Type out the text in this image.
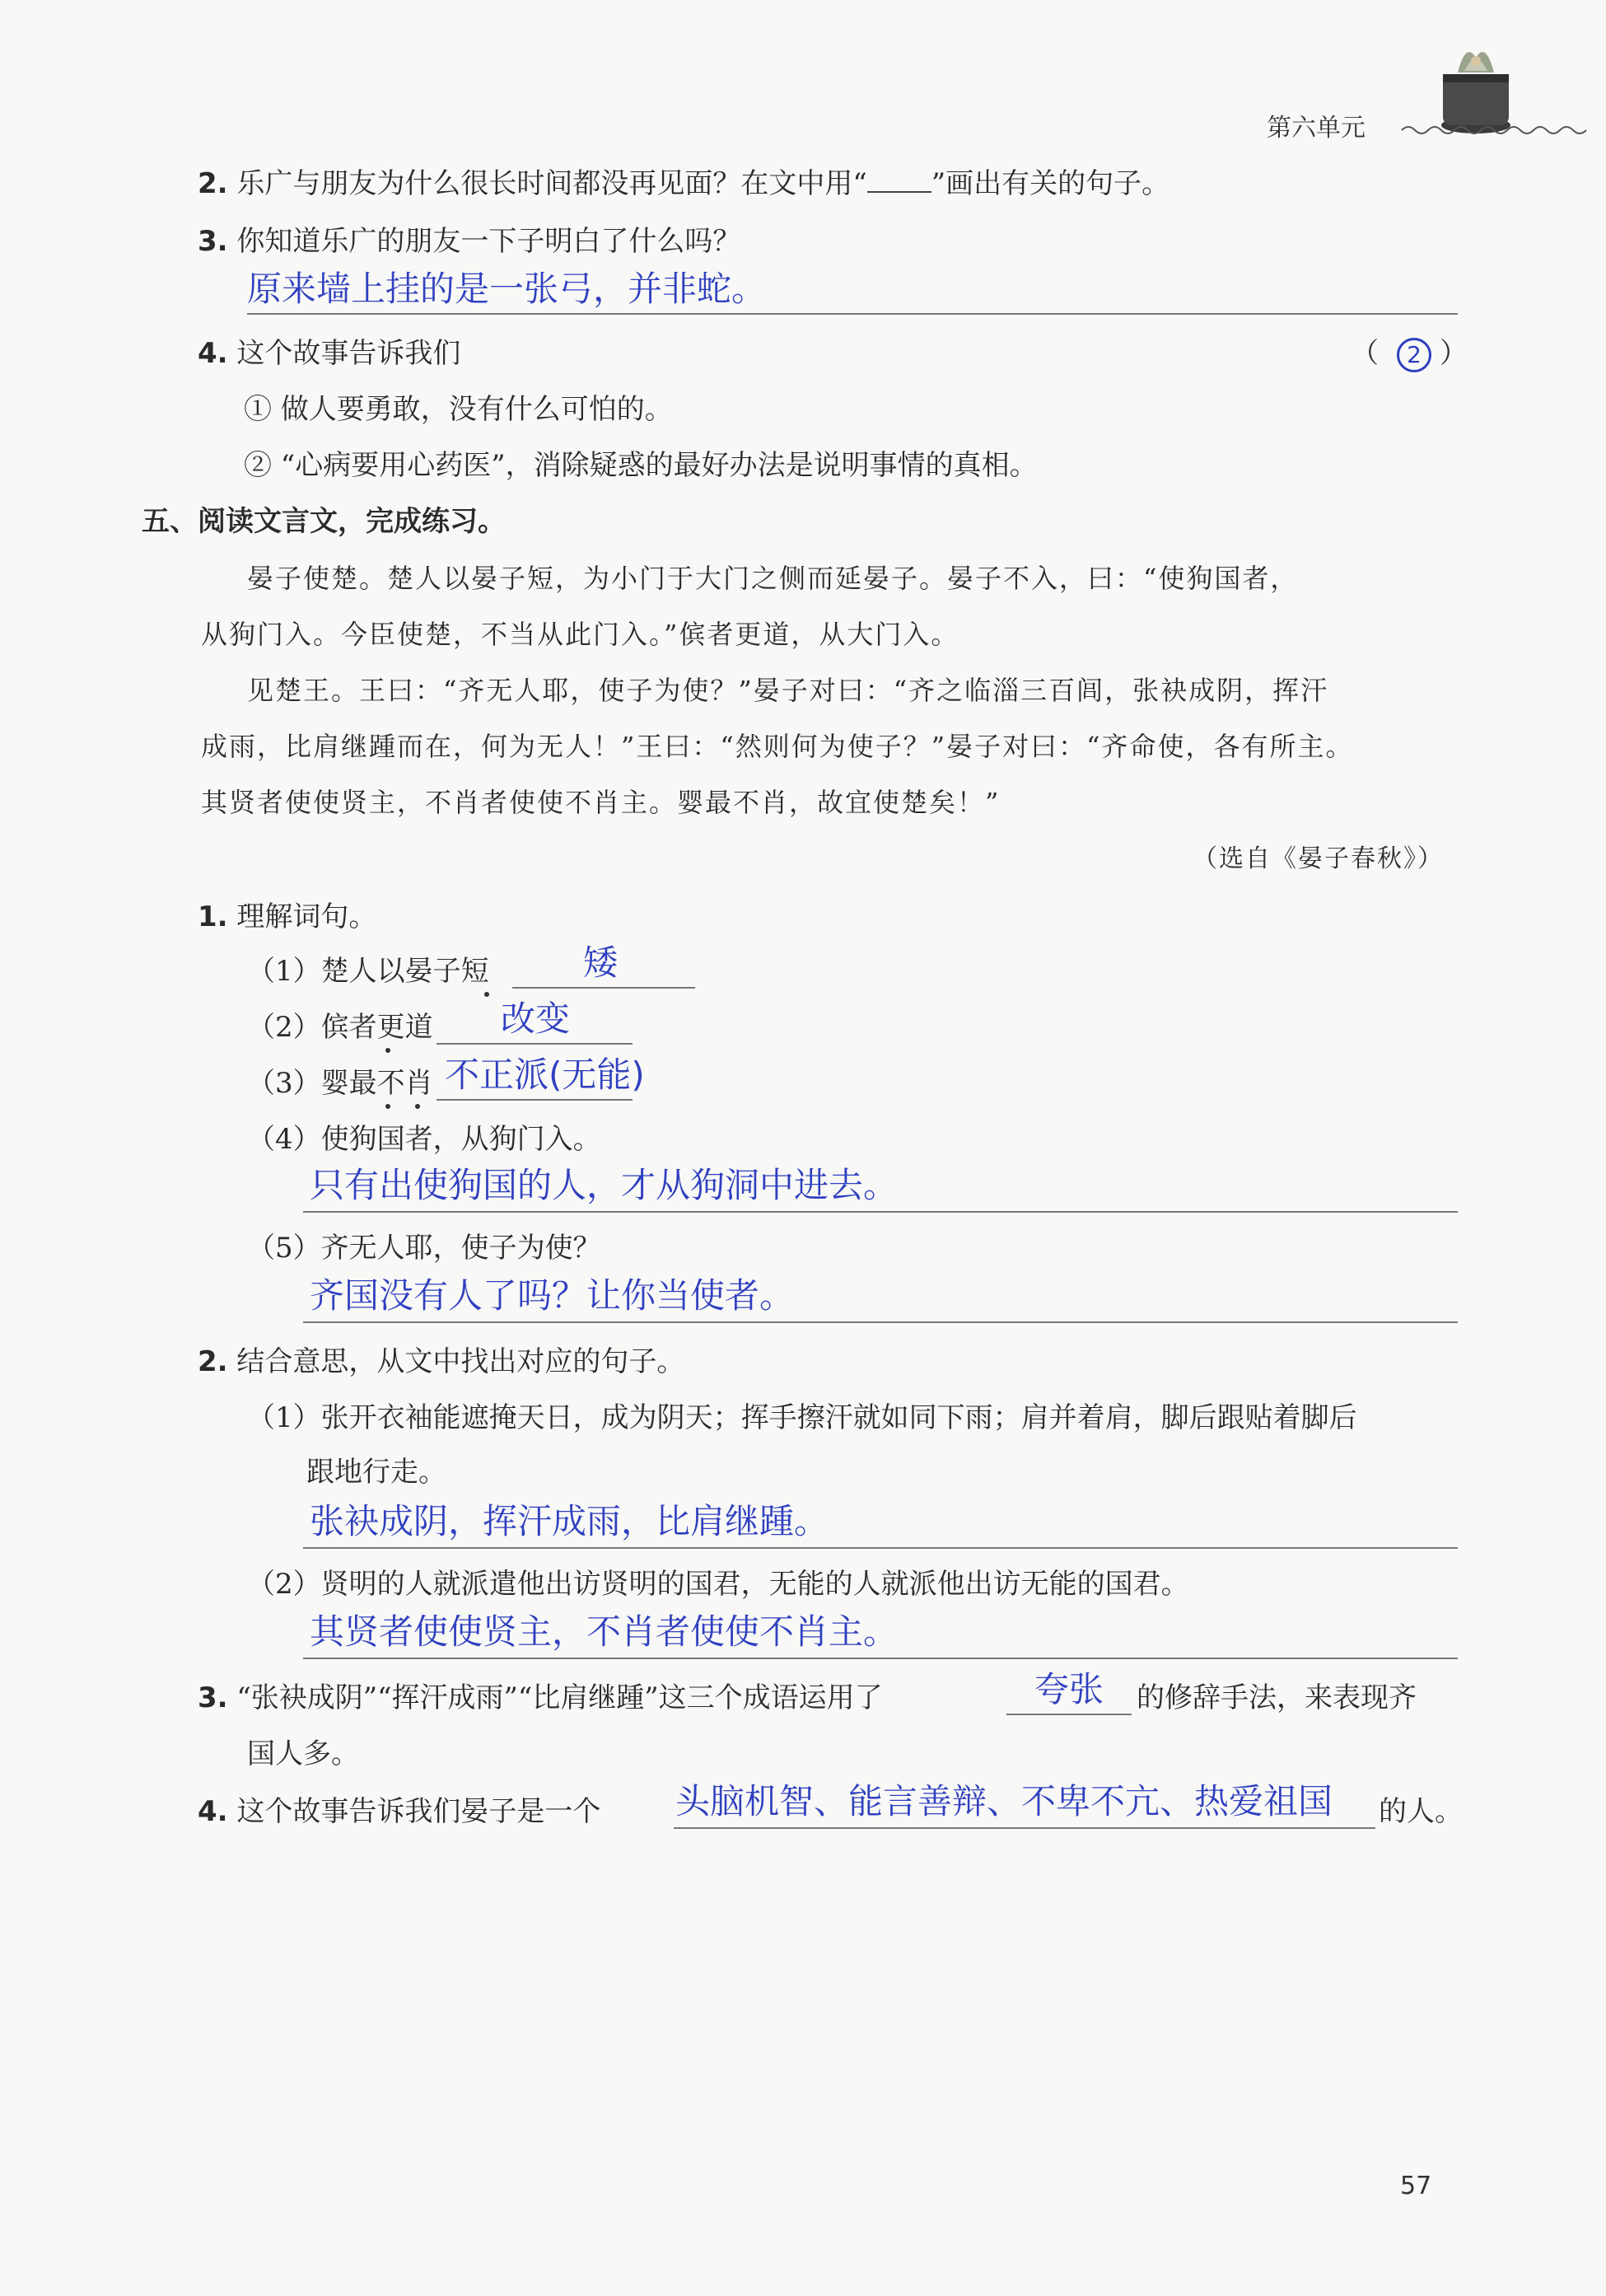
第六单元
2. 乐广与朋友为什么很长时间都没再见面？在文中用“ ”画出有关的句子。
3. 你知道乐广的朋友一下子明白了什么吗？
原来墙上挂的是一张弓，并非蛇。
4. 这个故事告诉我们	（	2 ）
① 做人要勇敢，没有什么可怕的。
② “心病要用心药医”，消除疑惑的最好办法是说明事情的真相。
五、阅读文言文，完成练习。
晏子使楚。楚人以晏子短，为小门于大门之侧而延晏子。晏子不入，曰：“使狗国者，
从狗门入。今臣使楚，不当从此门入。”傧者更道，从大门入。
见楚王。王曰：“齐无人耶，使子为使？”晏子对曰：“齐之临淄三百闾，张袂成阴，挥汗
成雨，比肩继踵而在，何为无人！”王曰：“然则何为使子？”晏子对曰：“齐命使，各有所主。
其贤者使使贤主，不肖者使使不肖主。婴最不肖，故宜使楚矣！”
（选自《晏子春秋》）
1. 理解词句。
（1）楚人以晏子短	矮
（2）傧者更道 改变
（3）婴最不肖 不正派(无能)
（4）使狗国者，从狗门入。
只有出使狗国的人，才从狗洞中进去。
（5）齐无人耶，使子为使？
齐国没有人了吗？让你当使者。
2. 结合意思，从文中找出对应的句子。
（1）张开衣袖能遮掩天日，成为阴天；挥手擦汗就如同下雨；肩并着肩，脚后跟贴着脚后
跟地行走。
张袂成阴，挥汗成雨，比肩继踵。
（2）贤明的人就派遣他出访贤明的国君，无能的人就派他出访无能的国君。
其贤者使使贤主，不肖者使使不肖主。
3. “张袂成阴”“挥汗成雨”“比肩继踵”这三个成语运用了	夸张 的修辞手法，来表现齐
国人多。
4. 这个故事告诉我们晏子是一个 头脑机智、能言善辩、不卑不亢、热爱祖国 的人。
57
